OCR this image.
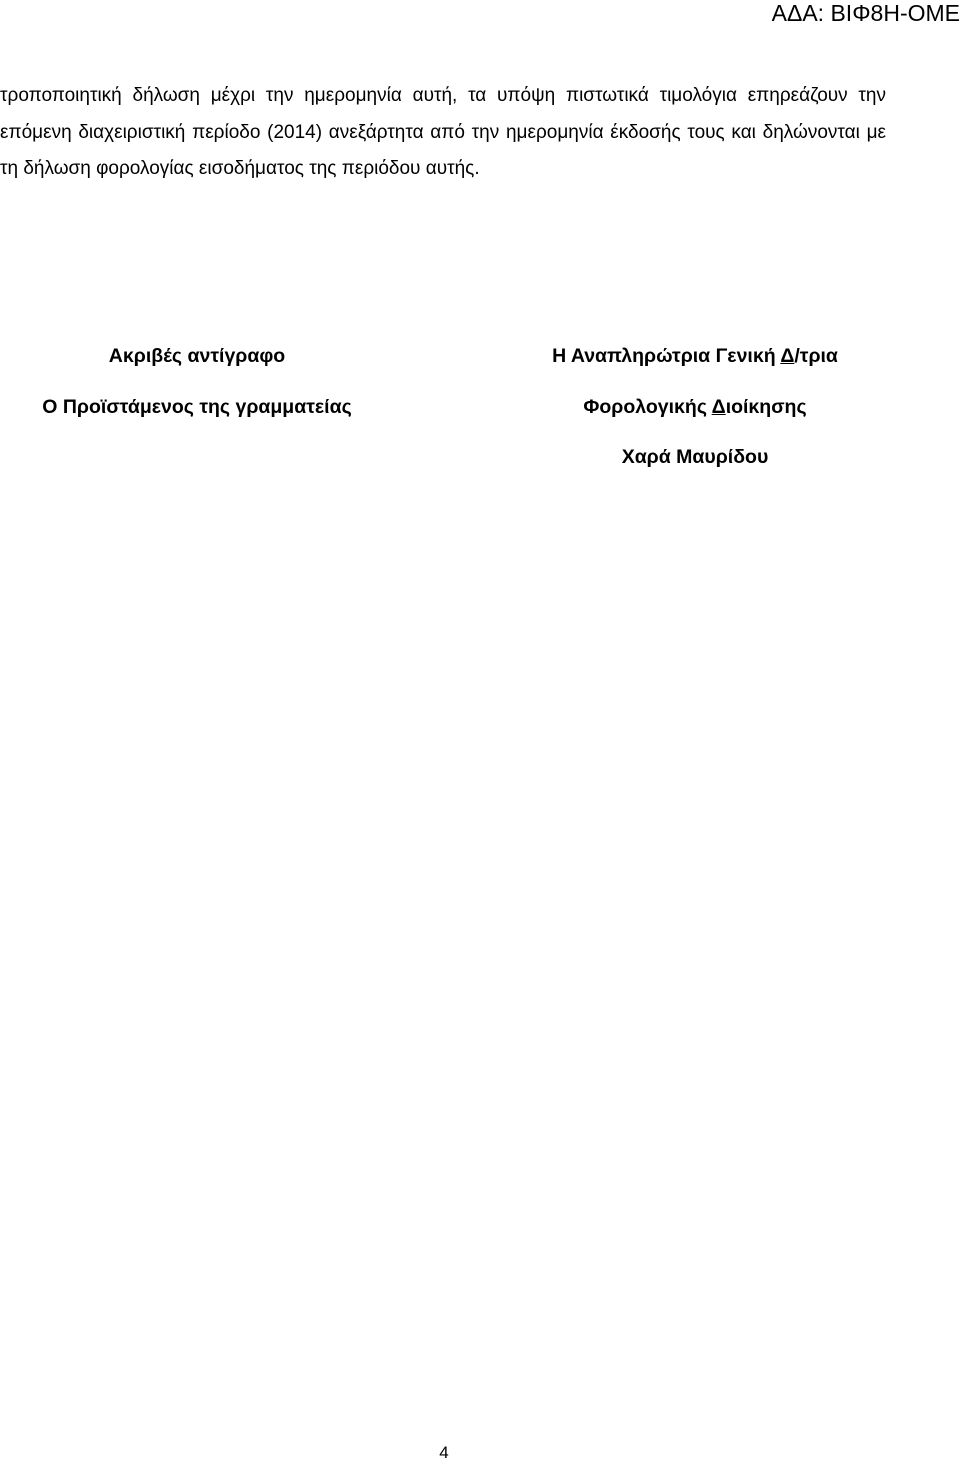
ΑΔΑ: ΒΙΦ8Η-ΟΜΕ

τροποποιητική δήλωση μέχρι την ημερομηνία αυτή, τα υπόψη πιστωτικά τιμολόγια επηρεάζουν την επόμενη διαχειριστική περίοδο (2014) ανεξάρτητα από την ημερομηνία έκδοσής τους και δηλώνονται με τη δήλωση φορολογίας εισοδήματος της περιόδου αυτής.

Ακριβές αντίγραφο
Ο Προϊστάμενος της γραμματείας
Η Αναπληρώτρια Γενική Δ/τρια
Φορολογικής Διοίκησης
Χαρά Μαυρίδου
4
